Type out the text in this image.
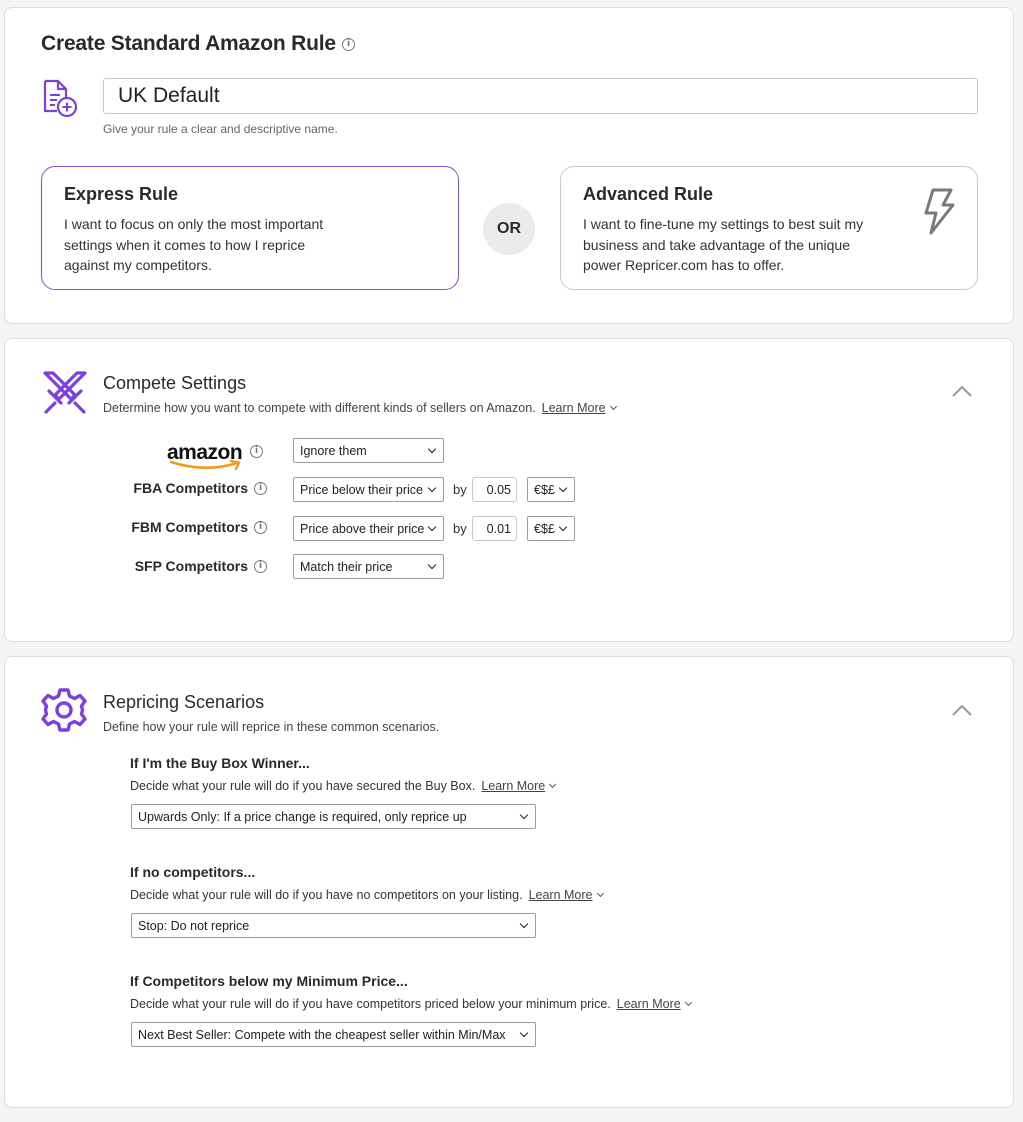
Create Standard Amazon Rule	i
UK Default
Give your rule a clear and descriptive name.
Express Rule
I want to focus on only the most important settings when it comes to how I reprice against my competitors.
OR
Advanced Rule
I want to fine-tune my settings to best suit my business and take advantage of the unique power Repricer.com has to offer.
Compete Settings
Determine how you want to compete with different kinds of sellers on Amazon. Learn More
amazon	i	Ignore them
FBA Competitors	i	Price below their price by	0.05	€$£
FBM Competitors	i	Price above their price by	0.01	€$£
SFP Competitors	i	Match their price
Repricing Scenarios
Define how your rule will reprice in these common scenarios.
If I'm the Buy Box Winner...
Decide what your rule will do if you have secured the Buy Box. Learn More
Upwards Only: If a price change is required, only reprice up
If no competitors...
Decide what your rule will do if you have no competitors on your listing. Learn More
Stop: Do not reprice
If Competitors below my Minimum Price...
Decide what your rule will do if you have competitors priced below your minimum price. Learn More
Next Best Seller: Compete with the cheapest seller within Min/Max
